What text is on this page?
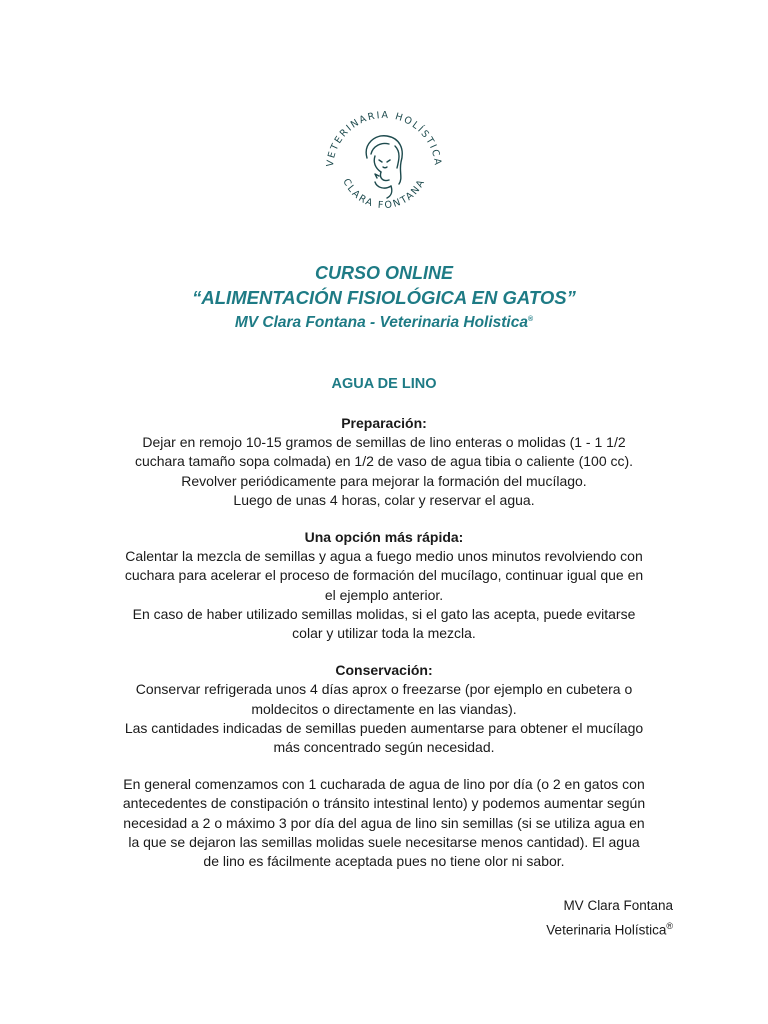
VETERINARIA HOLÍSTICA
CLARA FONTANA
CURSO ONLINE
“ALIMENTACIÓN FISIOLÓGICA EN GATOS”
MV Clara Fontana - Veterinaria Holistica®
AGUA DE LINO
Preparación:

Dejar en remojo 10-15 gramos de semillas de lino enteras o molidas (1 - 1 1/2

cuchara tamaño sopa colmada) en 1/2 de vaso de agua tibia o caliente (100 cc).

Revolver periódicamente para mejorar la formación del mucílago.

Luego de unas 4 horas, colar y reservar el agua.

Una opción más rápida:

Calentar la mezcla de semillas y agua a fuego medio unos minutos revolviendo con

cuchara para acelerar el proceso de formación del mucílago, continuar igual que en

el ejemplo anterior.

En caso de haber utilizado semillas molidas, si el gato las acepta, puede evitarse

colar y utilizar toda la mezcla.

Conservación:

Conservar refrigerada unos 4 días aprox o freezarse (por ejemplo en cubetera o

moldecitos o directamente en las viandas).

Las cantidades indicadas de semillas pueden aumentarse para obtener el mucílago

más concentrado según necesidad.

En general comenzamos con 1 cucharada de agua de lino por día (o 2 en gatos con

antecedentes de constipación o tránsito intestinal lento) y podemos aumentar según

necesidad a 2 o máximo 3 por día del agua de lino sin semillas (si se utiliza agua en

la que se dejaron las semillas molidas suele necesitarse menos cantidad). El agua

de lino es fácilmente aceptada pues no tiene olor ni sabor.

MV Clara Fontana
Veterinaria Holística®
